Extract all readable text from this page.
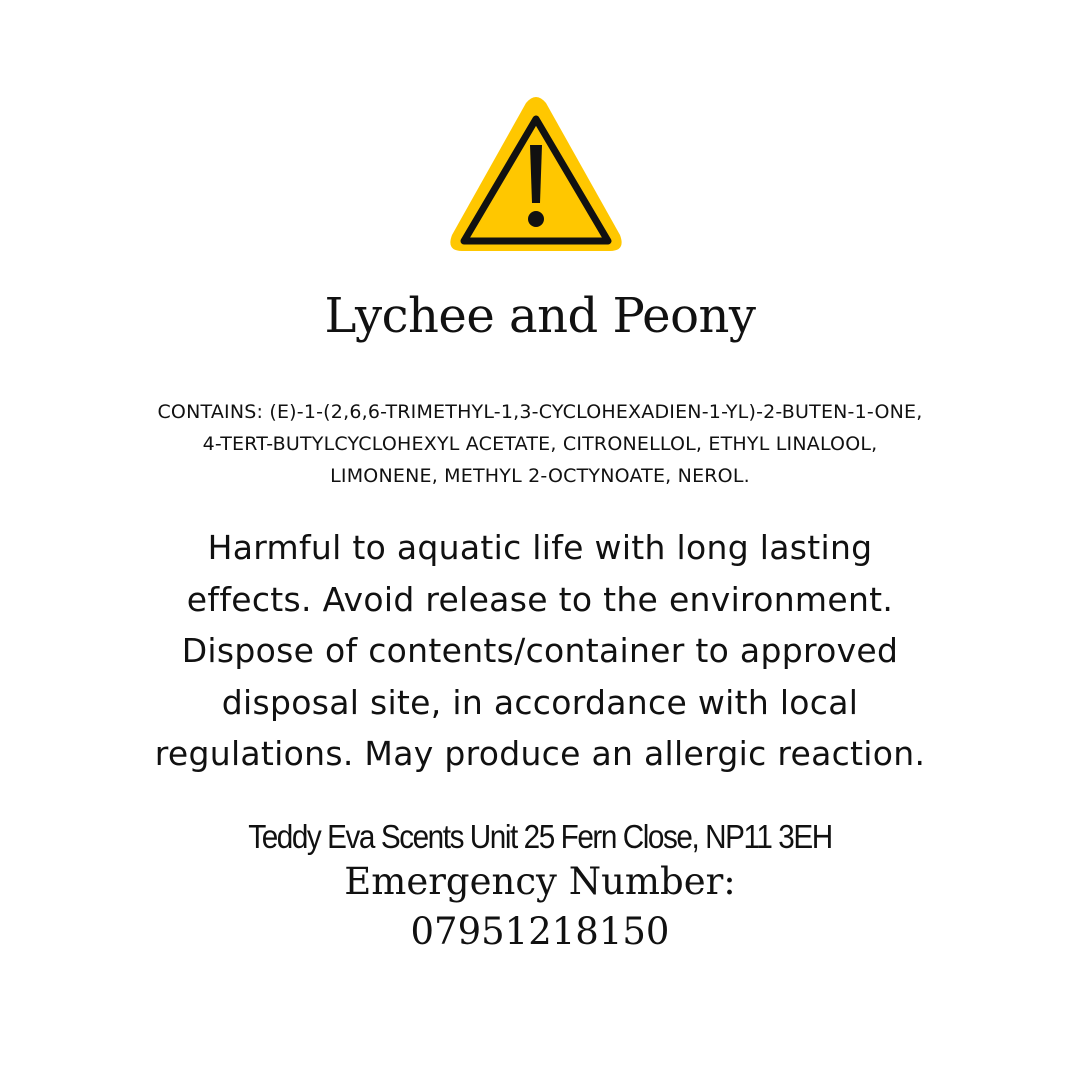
Lychee and Peony
CONTAINS: (E)-1-(2,6,6-TRIMETHYL-1,3-CYCLOHEXADIEN-1-YL)-2-BUTEN-1-ONE,
4-TERT-BUTYLCYCLOHEXYL ACETATE, CITRONELLOL, ETHYL LINALOOL,
LIMONENE, METHYL 2-OCTYNOATE, NEROL.
Harmful to aquatic life with long lasting
effects. Avoid release to the environment.
Dispose of contents/container to approved
disposal site, in accordance with local
regulations. May produce an allergic reaction.
Teddy Eva Scents Unit 25 Fern Close, NP11 3EH
Emergency Number:
07951218150
